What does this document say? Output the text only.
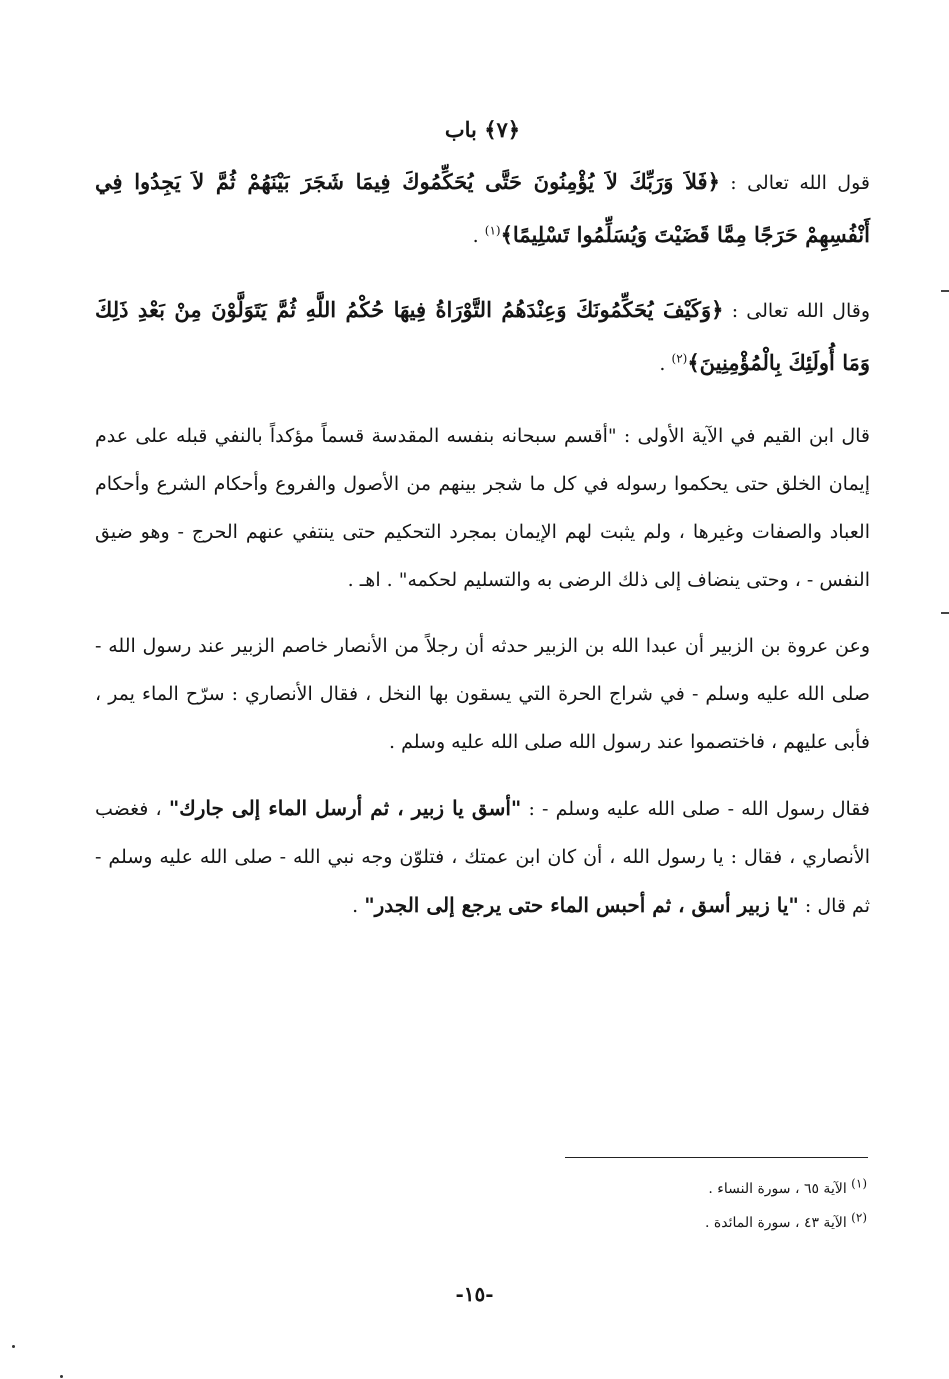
﴿٧﴾ باب

قول الله تعالى : ﴿فَلاَ وَرَبِّكَ لاَ يُؤْمِنُونَ حَتَّى يُحَكِّمُوكَ فِيمَا شَجَرَ بَيْنَهُمْ ثُمَّ لاَ يَجِدُوا فِي أَنْفُسِهِمْ حَرَجًا مِمَّا قَضَيْتَ وَيُسَلِّمُوا تَسْلِيمًا﴾$^{(١)}$ .

وقال الله تعالى : ﴿وَكَيْفَ يُحَكِّمُونَكَ وَعِنْدَهُمُ التَّوْرَاةُ فِيهَا حُكْمُ اللَّهِ ثُمَّ يَتَوَلَّوْنَ مِنْ بَعْدِ ذَلِكَ وَمَا أُولَئِكَ بِالْمُؤْمِنِينَ﴾$^{(٢)}$ .

قال ابن القيم في الآية الأولى : "أقسم سبحانه بنفسه المقدسة قسماً مؤكداً بالنفي قبله على عدم إيمان الخلق حتى يحكموا رسوله في كل ما شجر بينهم من الأصول والفروع وأحكام الشرع وأحكام العباد والصفات وغيرها ، ولم يثبت لهم الإيمان بمجرد التحكيم حتى ينتفي عنهم الحرج - وهو ضيق النفس - ، وحتى ينضاف إلى ذلك الرضى به والتسليم لحكمه" . اهـ .

وعن عروة بن الزبير أن عبدا الله بن الزبير حدثه أن رجلاً من الأنصار خاصم الزبير عند رسول الله - صلى الله عليه وسلم - في شراج الحرة التي يسقون بها النخل ، فقال الأنصاري : سرّح الماء يمر ، فأبى عليهم ، فاختصموا عند رسول الله صلى الله عليه وسلم .

فقال رسول الله - صلى الله عليه وسلم - : "أسق يا زبير ، ثم أرسل الماء إلى جارك" ، فغضب الأنصاري ، فقال : يا رسول الله ، أن كان ابن عمتك ، فتلوّن وجه نبي الله - صلى الله عليه وسلم - ثم قال : "يا زبير أسق ، ثم أحبس الماء حتى يرجع إلى الجدر" .

(١) الآية ٦٥ ، سورة النساء .
(٢) الآية ٤٣ ، سورة المائدة .
-١٥-
